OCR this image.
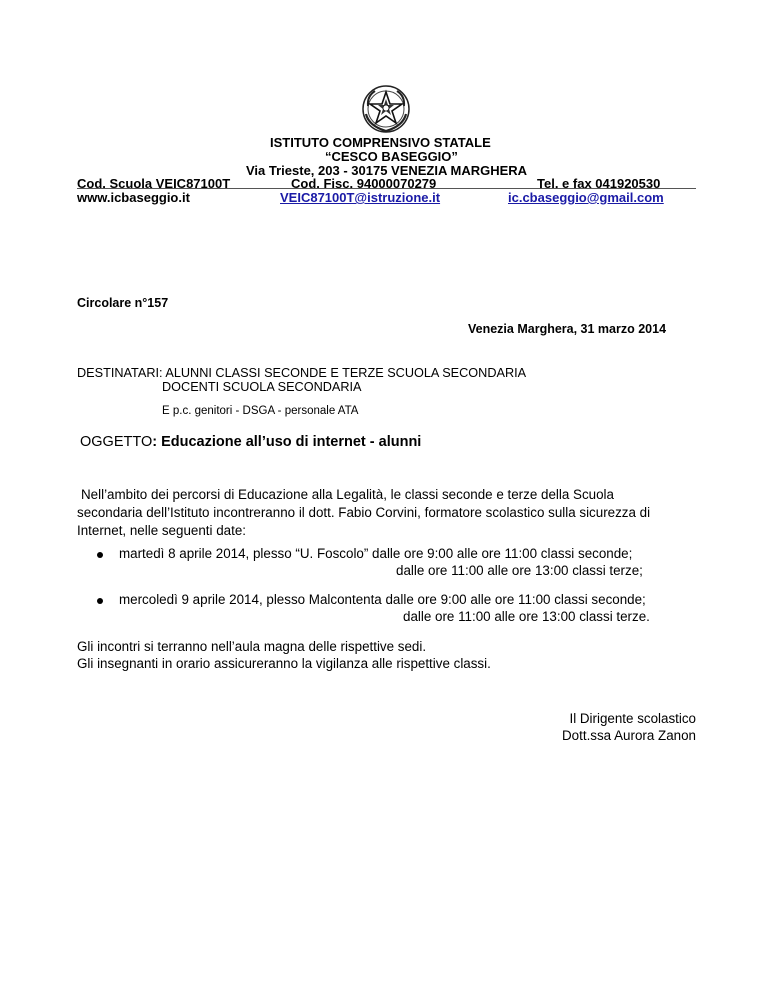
ISTITUTO COMPRENSIVO STATALE
“CESCO BASEGGIO”
Via Trieste, 203 - 30175 VENEZIA MARGHERA
Cod. Scuola VEIC87100T	Cod. Fisc. 94000070279	Tel. e fax 041920530
www.icbaseggio.it	VEIC87100T@istruzione.it	ic.cbaseggio@gmail.com
Circolare n°157
Venezia Marghera, 31 marzo 2014
DESTINATARI: ALUNNI CLASSI SECONDE E TERZE SCUOLA SECONDARIA
DOCENTI SCUOLA SECONDARIA
E p.c. genitori - DSGA - personale ATA
OGGETTO: Educazione all’uso di internet - alunni
Nell’ambito dei percorsi di Educazione alla Legalità, le classi seconde e terze della Scuola
secondaria dell’Istituto incontreranno il dott. Fabio Corvini, formatore scolastico sulla sicurezza di
Internet, nelle seguenti date:
martedì 8 aprile 2014, plesso “U. Foscolo” dalle ore 9:00 alle ore 11:00 classi seconde;
dalle ore 11:00 alle ore 13:00 classi terze;
mercoledì 9 aprile 2014, plesso Malcontenta dalle ore 9:00 alle ore 11:00 classi seconde;
dalle ore 11:00 alle ore 13:00 classi terze.
Gli incontri si terranno nell’aula magna delle rispettive sedi.
Gli insegnanti in orario assicureranno la vigilanza alle rispettive classi.
Il Dirigente scolastico
Dott.ssa Aurora Zanon
